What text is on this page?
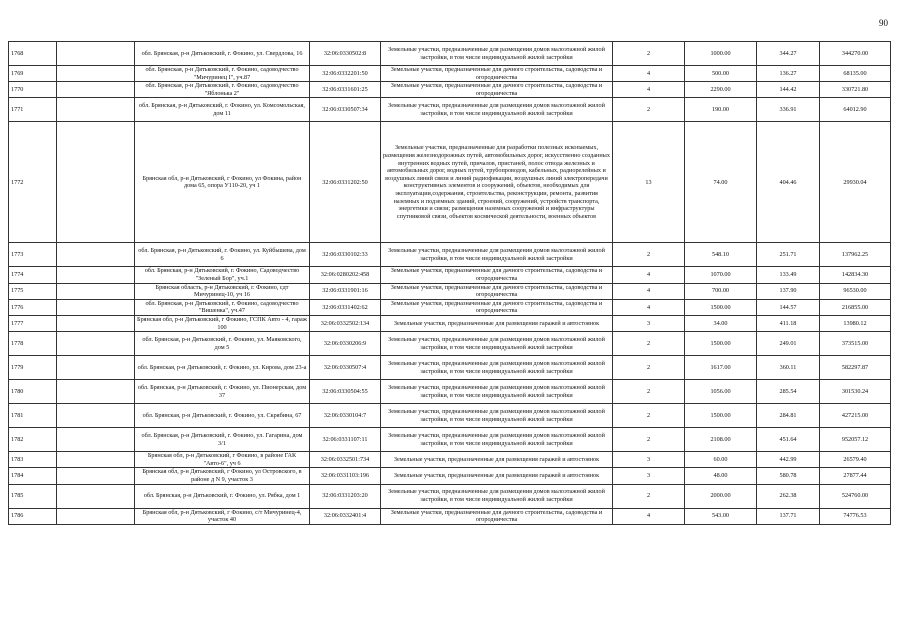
90
1768		обл. Брянская, р-н Дятьковский, г. Фокино, ул. Свердлова, 16	32:06:0330502:8	Земельные участки, предназначенные для размещения домов малоэтажной жилой застройки, в том числе индивидуальной жилой застройки	2	1000.00	344.27	344270.00
1769		обл. Брянская, р-н Дятьковский, г. Фокино, садоводчество "Мичуринец I", уч.87	32:06:0332201:50	Земельные участки, предназначенные для дачного строительства, садоводства и огородничества	4	500.00	136.27	68135.00
1770		обл. Брянская, р-н Дятьковский, г. Фокино, садоводчество "Яблонька 2"	32:06:0331601:25	Земельные участки, предназначенные для дачного строительства, садоводства и огородничества	4	2290.00	144.42	330721.80
1771		обл. Брянская, р-н Дятьковский, г. Фокино, ул. Комсомольская, дом 11	32:06:0330507:34	Земельные участки, предназначенные для размещения домов малоэтажной жилой застройки, в том числе индивидуальной жилой застройки	2	190.00	336.91	64012.90
1772		Брянская обл, р-н Дятьковский, г Фокино, ул Фокина, район дома 65, опора У110-20, уч 1	32:06:0331202:50	Земельные участки, предназначенные для разработки полезных ископаемых, размещения железнодорожных путей, автомобильных дорог, искусственно созданных внутренних водных путей, причалов, пристаней, полос отвода железных и автомобильных дорог, водных путей, трубопроводов, кабельных, радиорелейных и воздушных линий связи и линий радиофикации, воздушных линий электропередачи конструктивных элементов и сооружений, объектов, необходимых для эксплуатации,содержания, строительства, реконструкции, ремонта, развития наземных и подземных зданий, строений, сооружений, устройств транспорта, энергетики и связи; размещения наземных сооружений и инфраструктуры спутниковой связи, объектов космической деятельности, военных объектов	13	74.00	404.46	29930.04
1773		обл. Брянская, р-н Дятьковский, г. Фокино, ул. Куйбышева, дом 6	32:06:0330102:33	Земельные участки, предназначенные для размещения домов малоэтажной жилой застройки, в том числе индивидуальной жилой застройки	2	548.10	251.71	137962.25
1774		обл. Брянская, р-н Дятьковский, г. Фокино, Садоводчество "Зеленый Бор", уч.1	32:06:0280202:458	Земельные участки, предназначенные для дачного строительства, садоводства и огородничества	4	1070.00	133.49	142834.30
1775		Брянская область, р-н Дятьковский, г. Фокино, сдт Мичуринец-10, уч 16	32:06:0331901:16	Земельные участки, предназначенные для дачного строительства, садоводства и огородничества	4	700.00	137.90	96530.00
1776		обл. Брянская, р-н Дятьковский, г. Фокино, садоводчество "Вишенка", уч.47	32:06:0331402:62	Земельные участки, предназначенные для дачного строительства, садоводства и огородничества	4	1500.00	144.57	216855.00
1777		Брянская обл, р-н Дятьковский, г Фокино, ГСПК Авто - 4, гараж 100	32:06:0332502:134	Земельные участки, предназначенные для размещения гаражей и автостоянок	3	34.00	411.18	13980.12
1778		обл. Брянская, р-н Дятьковский, г. Фокино, ул. Маяковского, дом 5	32:06:0330206:9	Земельные участки, предназначенные для размещения домов малоэтажной жилой застройки, в том числе индивидуальной жилой застройки	2	1500.00	249.01	373515.00
1779		обл. Брянская, р-н Дятьковский, г. Фокино, ул. Кирова, дом 23-а	32:06:0330507:4	Земельные участки, предназначенные для размещения домов малоэтажной жилой застройки, в том числе индивидуальной жилой застройки	2	1617.00	360.11	582297.87
1780		обл. Брянская, р-н Дятьковский, г. Фокино, ул. Пионерская, дом 37	32:06:0330504:55	Земельные участки, предназначенные для размещения домов малоэтажной жилой застройки, в том числе индивидуальной жилой застройки	2	1056.00	285.54	301530.24
1781		обл. Брянская, р-н Дятьковский, г. Фокино, ул. Скрябина, 67	32:06:0330104:7	Земельные участки, предназначенные для размещения домов малоэтажной жилой застройки, в том числе индивидуальной жилой застройки	2	1500.00	284.81	427215.00
1782		обл. Брянская, р-н Дятьковский, г. Фокино, ул. Гагарина, дом 3/1	32:06:0331107:11	Земельные участки, предназначенные для размещения домов малоэтажной жилой застройки, в том числе индивидуальной жилой застройки	2	2108.00	451.64	952057.12
1783		Брянская обл, р-н Дятьковский, г Фокино, в районе ГАК "Авто-6", уч 6	32:06:0332501:734	Земельные участки, предназначенные для размещения гаражей и автостоянок	3	60.00	442.99	26579.40
1784		Брянская обл, р-н Дятьковский, г Фокино, ул Островского, в районе д N 9, участок 3	32:06:0331103:196	Земельные участки, предназначенные для размещения гаражей и автостоянок	3	48.00	580.78	27877.44
1785		обл. Брянская, р-н Дятьковский, г. Фокино, ул. Рябка, дом 1	32:06:0331203:20	Земельные участки, предназначенные для размещения домов малоэтажной жилой застройки, в том числе индивидуальной жилой застройки	2	2000.00	262.38	524760.00
1786		Брянская обл, р-н Дятьковский, г Фокино, с/т Мичуринец-4, участок 40	32:06:0332401:4	Земельные участки, предназначенные для дачного строительства, садоводства и огородничества	4	543.00	137.71	74776.53
